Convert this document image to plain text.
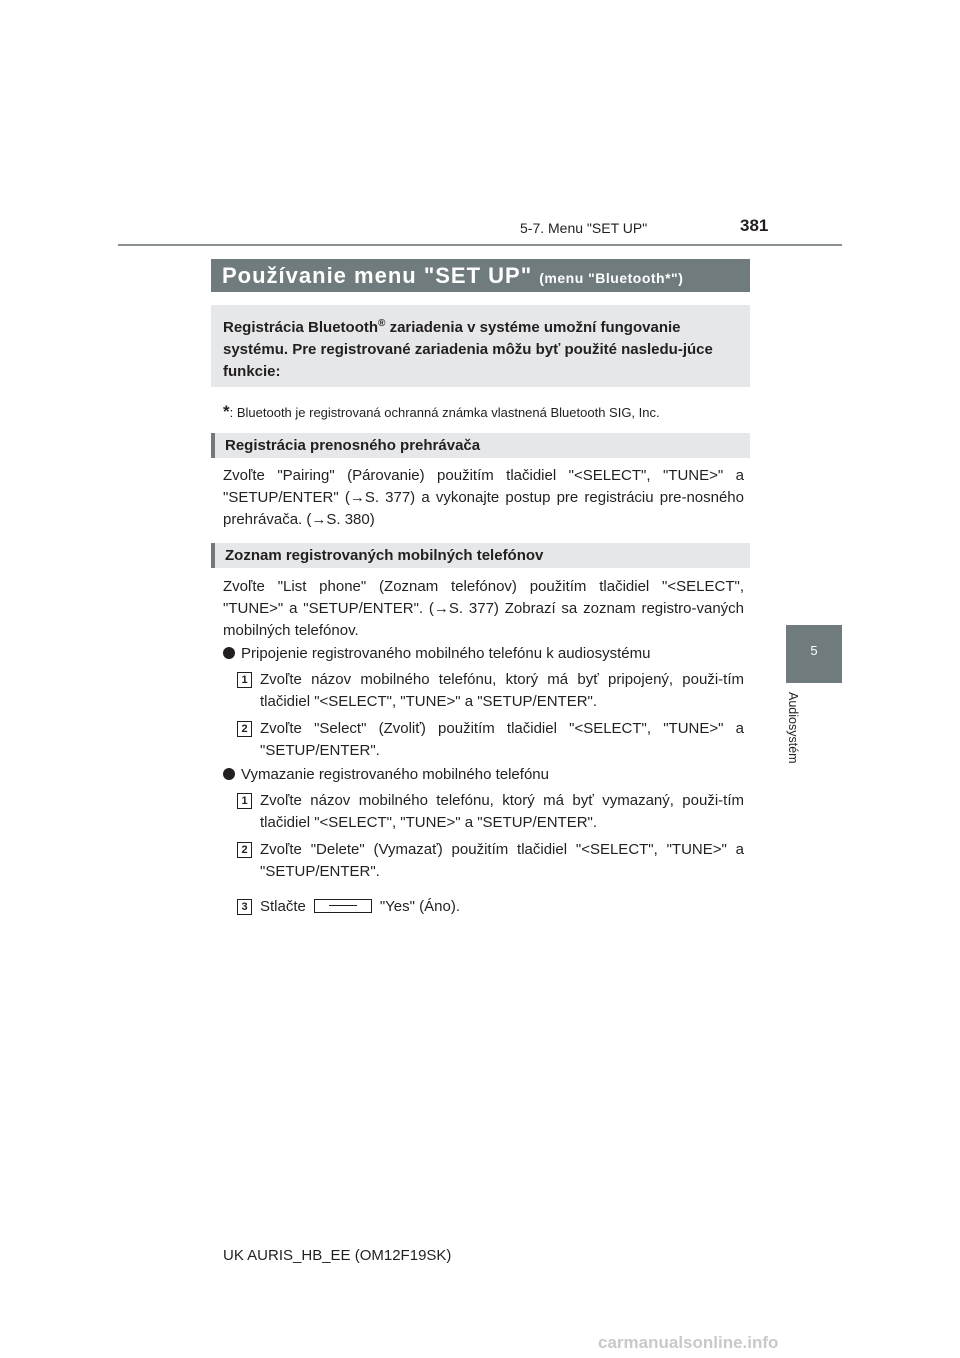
5-7. Menu "SET UP"	381
5
Audiosystém
Používanie menu "SET UP" (menu "Bluetooth*")

Registrácia Bluetooth® zariadenia v systéme umožní fungovanie systému. Pre registrované zariadenia môžu byť použité nasledu-júce funkcie:

*: Bluetooth je registrovaná ochranná známka vlastnená Bluetooth SIG, Inc.
Registrácia prenosného prehrávača
Zvoľte "Pairing" (Párovanie) použitím tlačidiel "<SELECT", "TUNE>" a "SETUP/ENTER" (→S. 377) a vykonajte postup pre registráciu pre-nosného prehrávača. (→S. 380)
Zoznam registrovaných mobilných telefónov
Zvoľte "List phone" (Zoznam telefónov) použitím tlačidiel "<SELECT", "TUNE>" a "SETUP/ENTER". (→S. 377) Zobrazí sa zoznam registro-vaných mobilných telefónov.
Pripojenie registrovaného mobilného telefónu k audiosystému
1 Zvoľte názov mobilného telefónu, ktorý má byť pripojený, použi-tím tlačidiel "<SELECT", "TUNE>" a "SETUP/ENTER".
2 Zvoľte "Select" (Zvoliť) použitím tlačidiel "<SELECT", "TUNE>" a "SETUP/ENTER".
Vymazanie registrovaného mobilného telefónu
1 Zvoľte názov mobilného telefónu, ktorý má byť vymazaný, použi-tím tlačidiel "<SELECT", "TUNE>" a "SETUP/ENTER".
2 Zvoľte "Delete" (Vymazať) použitím tlačidiel "<SELECT", "TUNE>" a "SETUP/ENTER".
3 Stlačte	"Yes" (Áno).
UK AURIS_HB_EE (OM12F19SK)
carmanualsonline.info
